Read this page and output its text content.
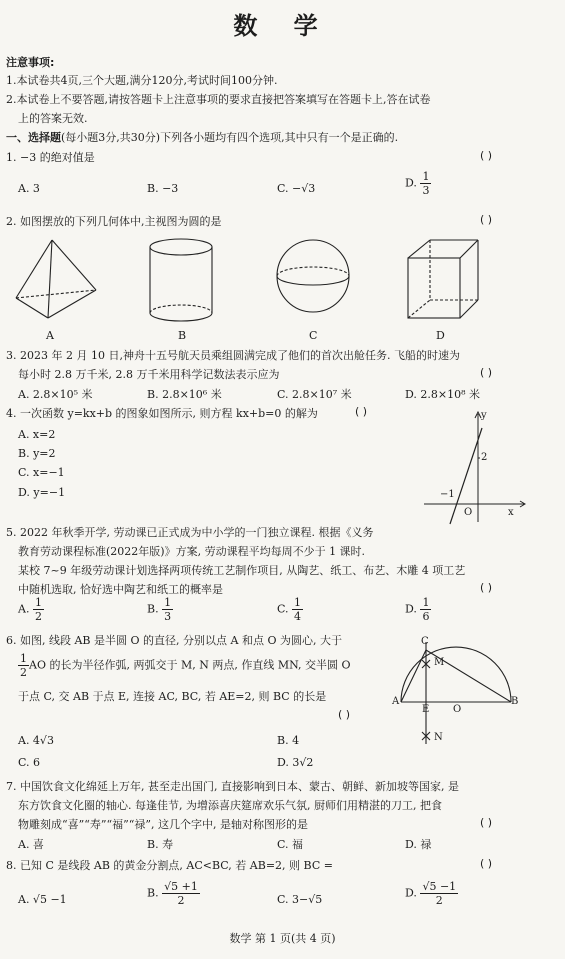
数 学
注意事项:
1.本试卷共4页,三个大题,满分120分,考试时间100分钟.
2.本试卷上不要答题,请按答题卡上注意事项的要求直接把答案填写在答题卡上,答在试卷
上的答案无效.
一、选择题(每小题3分,共30分)下列各小题均有四个选项,其中只有一个是正确的.
1. −3 的绝对值是	( )
A. 3	B. −3	C. −√3	D. $\frac{1}{3}$
2. 如图摆放的下列几何体中,主视图为圆的是	( )
A	B	C	D
3. 2023 年 2 月 10 日,神舟十五号航天员乘组圆满完成了他们的首次出舱任务. 飞船的时速为
每小时 2.8 万千米, 2.8 万千米用科学记数法表示应为	( )
A. 2.8×10⁵ 米	B. 2.8×10⁶ 米	C. 2.8×10⁷ 米	D. 2.8×10⁸ 米
4. 一次函数 y=kx+b 的图象如图所示, 则方程 kx+b=0 的解为	( )
A. x=2
B. y=2
C. x=−1
D. y=−1
y
x
O
2
−1
5. 2022 年秋季开学, 劳动课已正式成为中小学的一门独立课程. 根据《义务
教育劳动课程标准(2022年版)》方案, 劳动课程平均每周不少于 1 课时.
某校 7~9 年级劳动课计划选择两项传统工艺制作项目, 从陶艺、纸工、布艺、木雕 4 项工艺
中随机选取, 恰好选中陶艺和纸工的概率是	( )
A. $\frac{1}{2}$	B. $\frac{1}{3}$	C. $\frac{1}{4}$	D. $\frac{1}{6}$
6. 如图, 线段 AB 是半圆 O 的直径, 分别以点 A 和点 O 为圆心, 大于
$\frac{1}{2}$ AO 的长为半径作弧, 两弧交于 M, N 两点, 作直线 MN, 交半圆 O
于点 C, 交 AB 于点 E, 连接 AC, BC, 若 AE=2, 则 BC 的长是
( )
A. 4√3	B. 4
C. 6	D. 3√2
C
M
A
E O
B
N
7. 中国饮食文化绵延上万年, 甚至走出国门, 直接影响到日本、蒙古、朝鲜、新加坡等国家, 是
东方饮食文化圈的轴心. 每逢佳节, 为增添喜庆筵席欢乐气氛, 厨师们用精湛的刀工, 把食
物雕刻成“喜”“寿”“福”“禄”, 这几个字中, 是轴对称图形的是	( )
A. 喜	B. 寿	C. 福	D. 禄
8. 已知 C 是线段 AB 的黄金分割点, AC<BC, 若 AB=2, 则 BC =	( )
A. √5 −1	B. $\frac{√5 +1}{2}$	C. 3−√5	D. $\frac{√5 -1}{2}$
数学 第 1 页(共 4 页)
